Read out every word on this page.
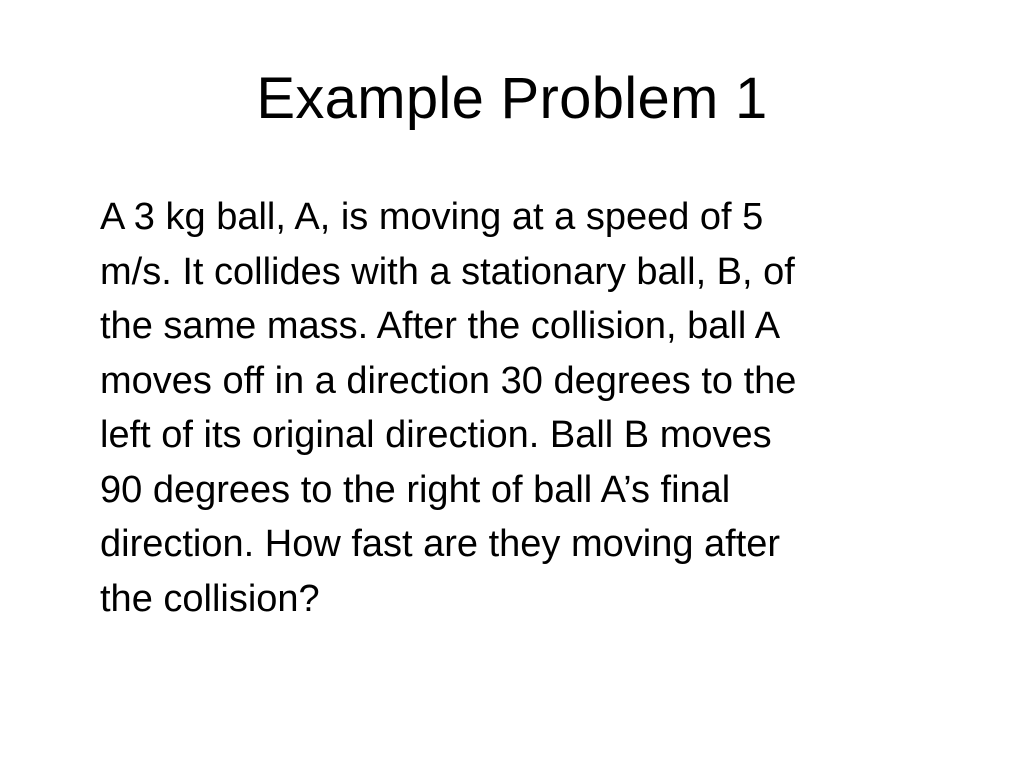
Example Problem 1
A 3 kg ball, A, is moving at a speed of 5
m/s. It collides with a stationary ball, B, of
the same mass. After the collision, ball A
moves off in a direction 30 degrees to the
left of its original direction. Ball B moves
90 degrees to the right of ball A’s final
direction. How fast are they moving after
the collision?
